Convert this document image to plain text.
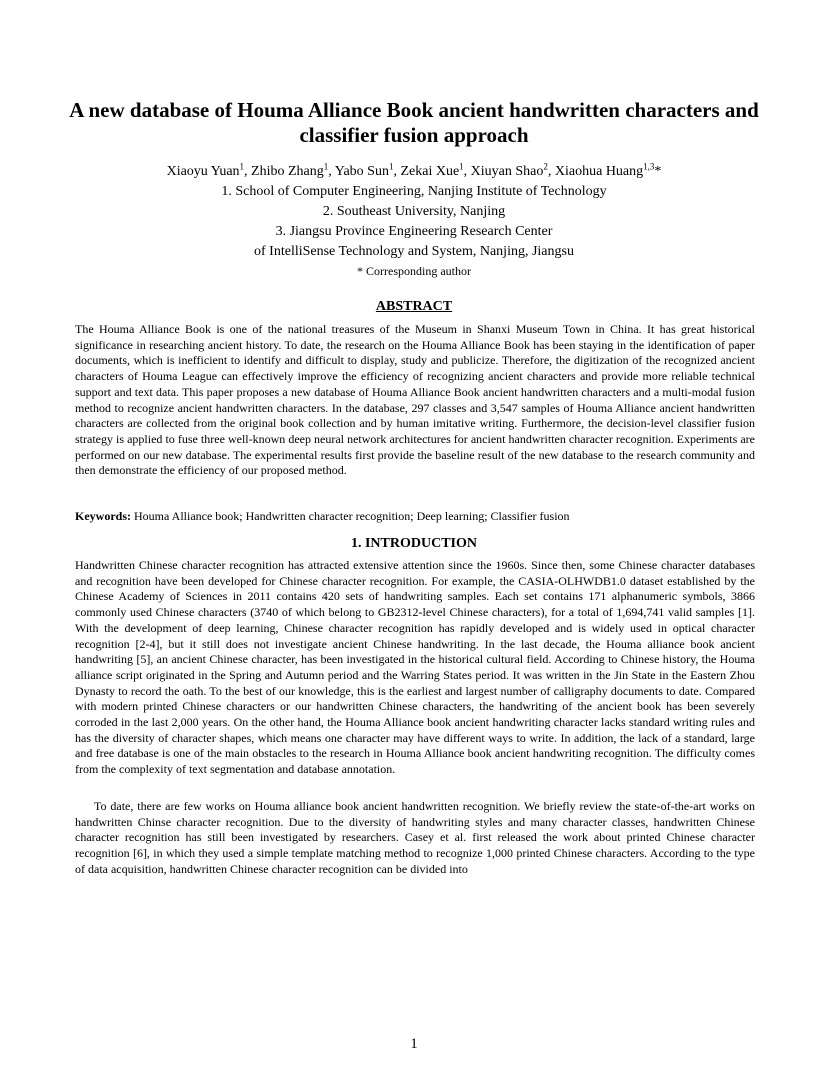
A new database of Houma Alliance Book ancient handwritten characters and classifier fusion approach
Xiaoyu Yuan$^1$, Zhibo Zhang$^1$, Yabo Sun$^1$, Zekai Xue$^1$, Xiuyan Shao$^2$, Xiaohua Huang$^{1,3}$*
1. School of Computer Engineering, Nanjing Institute of Technology
2. Southeast University, Nanjing
3. Jiangsu Province Engineering Research Center
of IntelliSense Technology and System, Nanjing, Jiangsu
* Corresponding author
ABSTRACT

The Houma Alliance Book is one of the national treasures of the Museum in Shanxi Museum Town in China. It has great historical significance in researching ancient history. To date, the research on the Houma Alliance Book has been staying in the identification of paper documents, which is inefficient to identify and difficult to display, study and publicize. Therefore, the digitization of the recognized ancient characters of Houma League can effectively improve the efficiency of recognizing ancient characters and provide more reliable technical support and text data. This paper proposes a new database of Houma Alliance Book ancient handwritten characters and a multi-modal fusion method to recognize ancient handwritten characters. In the database, 297 classes and 3,547 samples of Houma Alliance ancient handwritten characters are collected from the original book collection and by human imitative writing. Furthermore, the decision-level classifier fusion strategy is applied to fuse three well-known deep neural network architectures for ancient handwritten character recognition. Experiments are performed on our new database. The experimental results first provide the baseline result of the new database to the research community and then demonstrate the efficiency of our proposed method.

Keywords: Houma Alliance book; Handwritten character recognition; Deep learning; Classifier fusion

1. INTRODUCTION

Handwritten Chinese character recognition has attracted extensive attention since the 1960s. Since then, some Chinese character databases and recognition have been developed for Chinese character recognition. For example, the CASIA-OLHWDB1.0 dataset established by the Chinese Academy of Sciences in 2011 contains 420 sets of handwriting samples. Each set contains 171 alphanumeric symbols, 3866 commonly used Chinese characters (3740 of which belong to GB2312-level Chinese characters), for a total of 1,694,741 valid samples [1]. With the development of deep learning, Chinese character recognition has rapidly developed and is widely used in optical character recognition [2-4], but it still does not investigate ancient Chinese handwriting. In the last decade, the Houma alliance book ancient handwriting [5], an ancient Chinese character, has been investigated in the historical cultural field. According to Chinese history, the Houma alliance script originated in the Spring and Autumn period and the Warring States period. It was written in the Jin State in the Eastern Zhou Dynasty to record the oath. To the best of our knowledge, this is the earliest and largest number of calligraphy documents to date. Compared with modern printed Chinese characters or our handwritten Chinese characters, the handwriting of the ancient book has been severely corroded in the last 2,000 years. On the other hand, the Houma Alliance book ancient handwriting character lacks standard writing rules and has the diversity of character shapes, which means one character may have different ways to write. In addition, the lack of a standard, large and free database is one of the main obstacles to the research in Houma Alliance book ancient handwriting recognition. The difficulty comes from the complexity of text segmentation and database annotation.

To date, there are few works on Houma alliance book ancient handwritten recognition. We briefly review the state-of-the-art works on handwritten Chinse character recognition. Due to the diversity of handwriting styles and many character classes, handwritten Chinese character recognition has still been investigated by researchers. Casey et al. first released the work about printed Chinese character recognition [6], in which they used a simple template matching method to recognize 1,000 printed Chinese characters. According to the type of data acquisition, handwritten Chinese character recognition can be divided into

1
